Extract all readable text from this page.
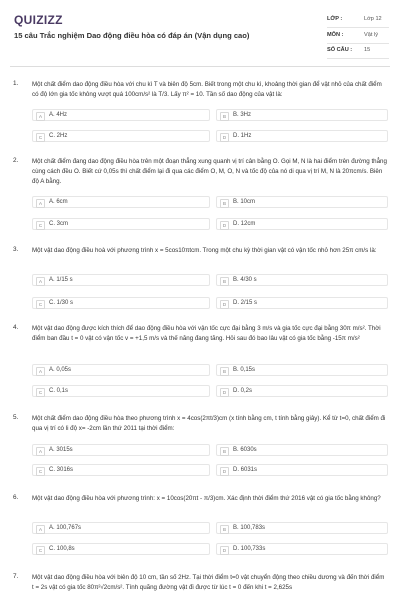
QUIZIZZ
15 câu Trắc nghiệm Dao động điều hòa có đáp án (Vận dụng cao)
LỚP :	Lớp 12
MÔN :	Vật lý
SỐ CÂU : 15
1. Một chất điểm dao động điều hòa với chu kì T và biên độ 5cm. Biết trong một chu kì, khoảng thời gian để vật nhỏ của chất điểm có độ lớn gia tốc không vượt quá 100cm/s² là T/3. Lấy π² = 10. Tần số dao động của vật là:
A	A. 4Hz	B	B. 3Hz
C	C. 2Hz	D	D. 1Hz
2. Một chất điểm đang dao động điều hòa trên một đoạn thẳng xung quanh vị trí cân bằng O. Gọi M, N là hai điểm trên đường thẳng cùng cách đều O. Biết cứ 0,05s thì chất điểm lại đi qua các điểm O, M, O, N và tốc độ của nó di qua vị trí M, N là 20πcm/s. Biên độ A bằng.
A	A. 6cm	B	B. 10cm
C	C. 3cm	D	D. 12cm
3. Một vật dao động điều hoà với phương trình x = 5cos10πtcm. Trong một chu kỳ thời gian vật có vận tốc nhỏ hơn 25π cm/s là:
A	A. 1/15 s	B	B. 4/30 s
C	C. 1/30 s	D	D. 2/15 s
4. Một vật dao động được kích thích để dao động điều hòa với vận tốc cực đại bằng 3 m/s và gia tốc cực đại bằng 30π m/s². Thời điểm ban đầu t = 0 vật có vận tốc v = +1,5 m/s và thế năng đang tăng. Hỏi sau đó bao lâu vật có gia tốc bằng -15π m/s²
A	A. 0,05s	B	B. 0,15s
C	C. 0,1s	D	D. 0,2s
5. Một chất điểm dao động điều hòa theo phương trình x = 4cos(2πt/3)cm (x tính bằng cm, t tính bằng giây). Kể từ t=0, chất điểm đi qua vị trí có li độ x= -2cm lần thứ 2011 tại thời điểm:
A	A. 3015s	B	B. 6030s
C	C. 3016s	D	D. 6031s
6. Một vật dao động điều hòa với phương trình: x = 10cos(20πt - π/3)cm. Xác định thời điểm thứ 2016 vật có gia tốc bằng không?
A	A. 100,767s	B	B. 100,783s
C	C. 100,8s	D	D. 100,733s
7. Một vật dao động điều hòa với biên độ 10 cm, tần số 2Hz. Tại thời điểm t=0 vật chuyển động theo chiều dương và đến thời điểm t = 2s vật có gia tốc 80π²√2cm/s². Tính quãng đường vật đi được từ lúc t = 0 đến khi t = 2,625s
